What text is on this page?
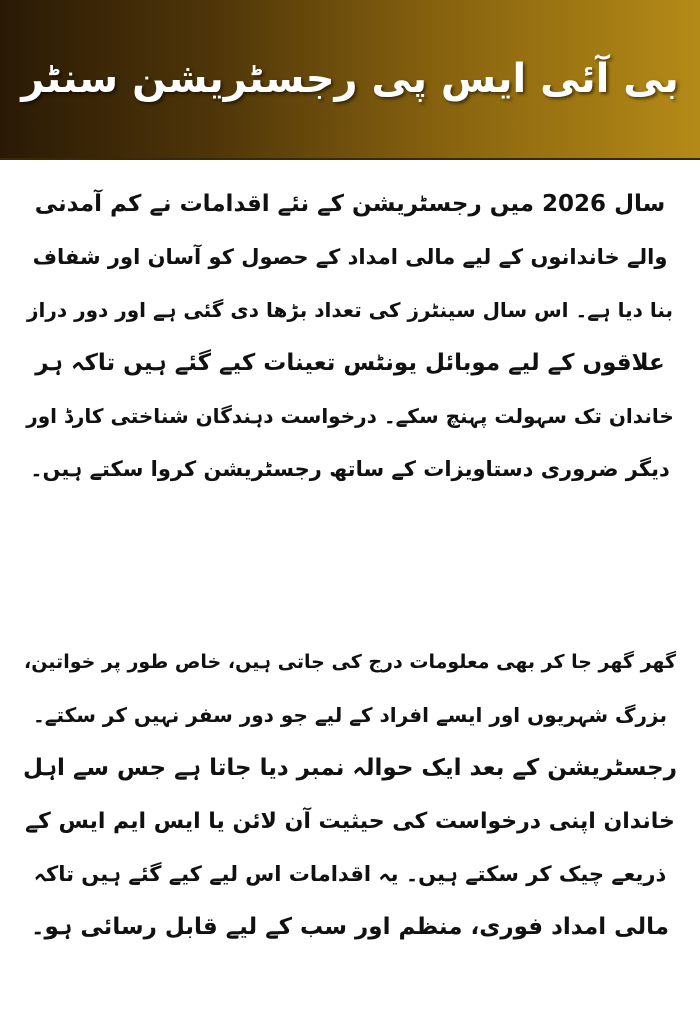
بی آئی ایس پی رجسٹریشن سنٹر
سال 2026 میں رجسٹریشن کے نئے اقدامات نے کم آمدنی
والے خاندانوں کے لیے مالی امداد کے حصول کو آسان اور شفاف
بنا دیا ہے۔ اس سال سینٹرز کی تعداد بڑھا دی گئی ہے اور دور دراز
علاقوں کے لیے موبائل یونٹس تعینات کیے گئے ہیں تاکہ ہر
خاندان تک سہولت پہنچ سکے۔ درخواست دہندگان شناختی کارڈ اور
دیگر ضروری دستاویزات کے ساتھ رجسٹریشن کروا سکتے ہیں۔
گھر گھر جا کر بھی معلومات درج کی جاتی ہیں، خاص طور پر خواتین،
بزرگ شہریوں اور ایسے افراد کے لیے جو دور سفر نہیں کر سکتے۔
رجسٹریشن کے بعد ایک حوالہ نمبر دیا جاتا ہے جس سے اہل
خاندان اپنی درخواست کی حیثیت آن لائن یا ایس ایم ایس کے
ذریعے چیک کر سکتے ہیں۔ یہ اقدامات اس لیے کیے گئے ہیں تاکہ
مالی امداد فوری، منظم اور سب کے لیے قابل رسائی ہو۔
